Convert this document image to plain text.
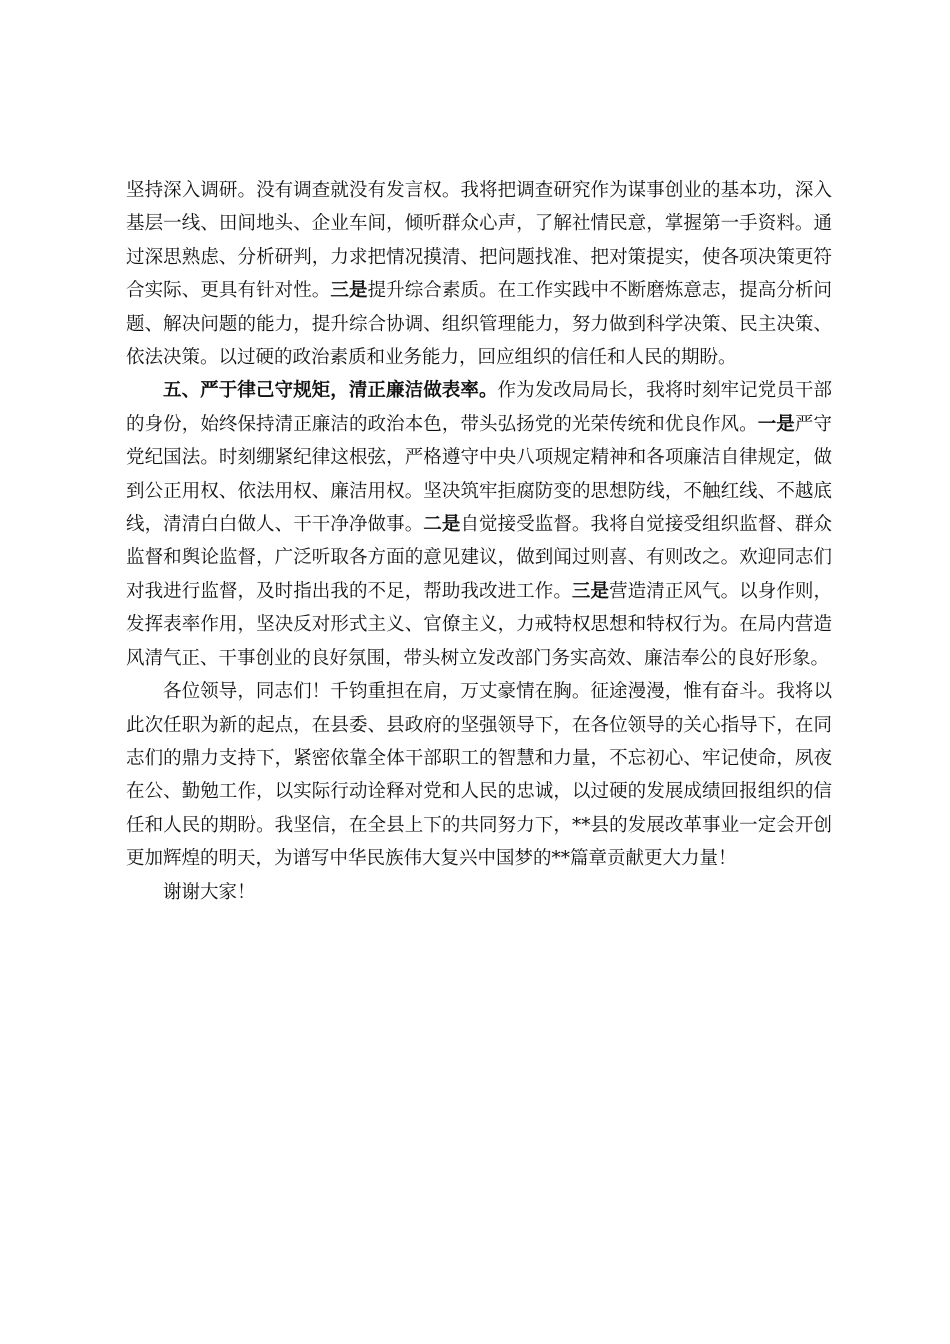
坚持深入调研。没有调查就没有发言权。我将把调查研究作为谋事创业的基本功，深入基层一线、田间地头、企业车间，倾听群众心声，了解社情民意，掌握第一手资料。通过深思熟虑、分析研判，力求把情况摸清、把问题找准、把对策提实，使各项决策更符合实际、更具有针对性。三是提升综合素质。在工作实践中不断磨炼意志，提高分析问题、解决问题的能力，提升综合协调、组织管理能力，努力做到科学决策、民主决策、依法决策。以过硬的政治素质和业务能力，回应组织的信任和人民的期盼。

五、严于律己守规矩，清正廉洁做表率。作为发改局局长，我将时刻牢记党员干部的身份，始终保持清正廉洁的政治本色，带头弘扬党的光荣传统和优良作风。一是严守党纪国法。时刻绷紧纪律这根弦，严格遵守中央八项规定精神和各项廉洁自律规定，做到公正用权、依法用权、廉洁用权。坚决筑牢拒腐防变的思想防线，不触红线、不越底线，清清白白做人、干干净净做事。二是自觉接受监督。我将自觉接受组织监督、群众监督和舆论监督，广泛听取各方面的意见建议，做到闻过则喜、有则改之。欢迎同志们对我进行监督，及时指出我的不足，帮助我改进工作。三是营造清正风气。以身作则，发挥表率作用，坚决反对形式主义、官僚主义，力戒特权思想和特权行为。在局内营造风清气正、干事创业的良好氛围，带头树立发改部门务实高效、廉洁奉公的良好形象。

各位领导，同志们！千钧重担在肩，万丈豪情在胸。征途漫漫，惟有奋斗。我将以此次任职为新的起点，在县委、县政府的坚强领导下，在各位领导的关心指导下，在同志们的鼎力支持下，紧密依靠全体干部职工的智慧和力量，不忘初心、牢记使命，夙夜在公、勤勉工作，以实际行动诠释对党和人民的忠诚，以过硬的发展成绩回报组织的信任和人民的期盼。我坚信，在全县上下的共同努力下，**县的发展改革事业一定会开创更加辉煌的明天，为谱写中华民族伟大复兴中国梦的**篇章贡献更大力量！

谢谢大家！
